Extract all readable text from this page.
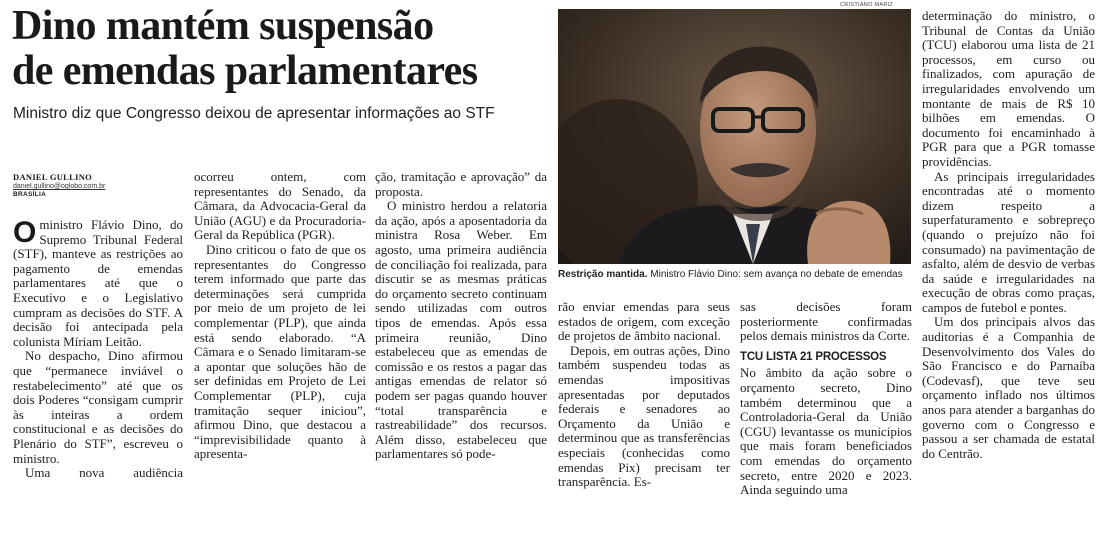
Dino mantém suspensão
de emendas parlamentares
Ministro diz que Congresso deixou de apresentar informações ao STF
DANIEL GULLINO
daniel.gullino@oglobo.com.br
BRASÍLIA

Oministro Flávio Dino, do Supremo Tribunal Federal (STF), manteve as restrições ao pagamento de emendas parlamentares até que o Executivo e o Legislativo cumpram as decisões do STF. A decisão foi antecipada pela colunista Míriam Leitão.

No despacho, Dino afirmou que “permanece inviável o restabelecimento” até que os dois Poderes “consigam cumprir às inteiras a ordem constitucional e as decisões do Plenário do STF”, escreveu o ministro.

Uma nova audiência

ocorreu ontem, com representantes do Senado, da Câmara, da Advocacia-Geral da União (AGU) e da Procuradoria-Geral da República (PGR).

Dino criticou o fato de que os representantes do Congresso terem informado que parte das determinações será cumprida por meio de um projeto de lei complementar (PLP), que ainda está sendo elaborado. “A Câmara e o Senado limitaram-se a apontar que soluções hão de ser definidas em Projeto de Lei Complementar (PLP), cuja tramitação sequer iniciou”, afirmou Dino, que destacou a “imprevisibilidade quanto à apresenta-

ção, tramitação e aprovação” da proposta.

O ministro herdou a relatoria da ação, após a aposentadoria da ministra Rosa Weber. Em agosto, uma primeira audiência de conciliação foi realizada, para discutir se as mesmas práticas do orçamento secreto continuam sendo utilizadas com outros tipos de emendas. Após essa primeira reunião, Dino estabeleceu que as emendas de comissão e os restos a pagar das antigas emendas de relator só podem ser pagas quando houver “total transparência e rastreabilidade” dos recursos. Além disso, estabeleceu que parlamentares só pode-

CRISTIANO MARIZ
Restrição mantida. Ministro Flávio Dino: sem avança no debate de emendas

rão enviar emendas para seus estados de origem, com exceção de projetos de âmbito nacional.

Depois, em outras ações, Dino também suspendeu todas as emendas impositivas apresentadas por deputados federais e senadores ao Orçamento da União e determinou que as transferências especiais (conhecidas como emendas Pix) precisam ter transparência. Es-

sas decisões foram posteriormente confirmadas pelos demais ministros da Corte.

TCU LISTA 21 PROCESSOS

No âmbito da ação sobre o orçamento secreto, Dino também determinou que a Controladoria-Geral da União (CGU) levantasse os municípios que mais foram beneficiados com emendas do orçamento secreto, entre 2020 e 2023. Ainda seguindo uma

determinação do ministro, o Tribunal de Contas da União (TCU) elaborou uma lista de 21 processos, em curso ou finalizados, com apuração de irregularidades envolvendo um montante de mais de R$ 10 bilhões em emendas. O documento foi encaminhado à PGR para que a PGR tomasse providências.

As principais irregularidades encontradas até o momento dizem respeito a superfaturamento e sobrepreço (quando o prejuízo não foi consumado) na pavimentação de asfalto, além de desvio de verbas da saúde e irregularidades na execução de obras como praças, campos de futebol e pontes.

Um dos principais alvos das auditorias é a Companhia de Desenvolvimento dos Vales do São Francisco e do Parnaíba (Codevasf), que teve seu orçamento inflado nos últimos anos para atender a barganhas do governo com o Congresso e passou a ser chamada de estatal do Centrão.
